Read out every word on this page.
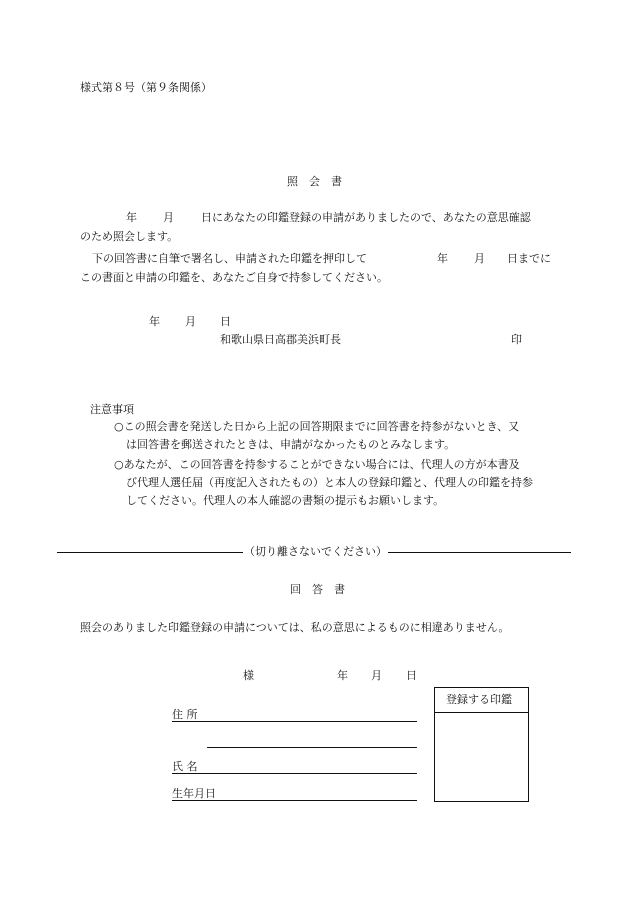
様式第８号（第９条関係）
照　会　書
年 月 日にあなたの印鑑登録の申請がありましたので、あなたの意思確認
のため照会します。
下の回答書に自筆で署名し、申請された印鑑を押印して	年 月 日までに
この書面と申請の印鑑を、あなたご自身で持参してください。
年 月 日
和歌山県日高郡美浜町長	印
注意事項
○この照会書を発送した日から上記の回答期限までに回答書を持参がないとき、又
は回答書を郵送されたときは、申請がなかったものとみなします。
○あなたが、この回答書を持参することができない場合には、代理人の方が本書及
び代理人選任届（再度記入されたもの）と本人の登録印鑑と、代理人の印鑑を持参
してください。代理人の本人確認の書類の提示もお願いします。
（切り離さないでください）
回　答　書
照会のありました印鑑登録の申請については、私の意思によるものに相違ありません。
様	年 月 日
住 所
氏 名
生年月日
登録する印鑑
